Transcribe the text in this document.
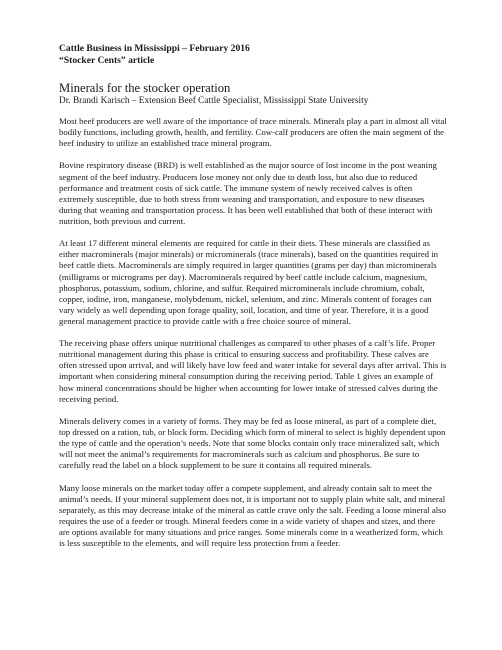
Cattle Business in Mississippi – February 2016
“Stocker Cents” article
Minerals for the stocker operation
Dr. Brandi Karisch – Extension Beef Cattle Specialist, Mississippi State University

Most beef producers are well aware of the importance of trace minerals. Minerals play a part in almost all vital bodily functions, including growth, health, and fertility. Cow-calf producers are often the main segment of the beef industry to utilize an established trace mineral program.

Bovine respiratory disease (BRD) is well established as the major source of lost income in the post weaning segment of the beef industry. Producers lose money not only due to death loss, but also due to reduced performance and treatment costs of sick cattle. The immune system of newly received calves is often extremely susceptible, due to both stress from weaning and transportation, and exposure to new diseases during that weaning and transportation process. It has been well established that both of these interact with nutrition, both previous and current.

At least 17 different mineral elements are required for cattle in their diets. These minerals are classified as either macrominerals (major minerals) or microminerals (trace minerals), based on the quantities required in beef cattle diets. Macrominerals are simply required in larger quantities (grams per day) than microminerals (milligrams or micrograms per day). Macrominerals required by beef cattle include calcium, magnesium, phosphorus, potassium, sodium, chlorine, and sulfur. Required microminerals include chromium, cobalt, copper, iodine, iron, manganese, molybdenum, nickel, selenium, and zinc. Minerals content of forages can vary widely as well depending upon forage quality, soil, location, and time of year. Therefore, it is a good general management practice to provide cattle with a free choice source of mineral.

The receiving phase offers unique nutritional challenges as compared to other phases of a calf’s life. Proper nutritional management during this phase is critical to ensuring success and profitability. These calves are often stressed upon arrival, and will likely have low feed and water intake for several days after arrival. This is important when considering mineral consumption during the receiving period. Table 1 gives an example of how mineral concentrations should be higher when accounting for lower intake of stressed calves during the receiving period.

Minerals delivery comes in a variety of forms. They may be fed as loose mineral, as part of a complete diet, top dressed on a ration, tub, or block form. Deciding which form of mineral to select is highly dependent upon the type of cattle and the operation’s needs. Note that some blocks contain only trace mineralized salt, which will not meet the animal’s requirements for macrominerals such as calcium and phosphorus. Be sure to carefully read the label on a block supplement to be sure it contains all required minerals.

Many loose minerals on the market today offer a compete supplement, and already contain salt to meet the animal’s needs. If your mineral supplement does not, it is important not to supply plain white salt, and mineral separately, as this may decrease intake of the mineral as cattle crave only the salt. Feeding a loose mineral also requires the use of a feeder or trough. Mineral feeders come in a wide variety of shapes and sizes, and there are options available for many situations and price ranges. Some minerals come in a weatherized form, which is less susceptible to the elements, and will require less protection from a feeder.
